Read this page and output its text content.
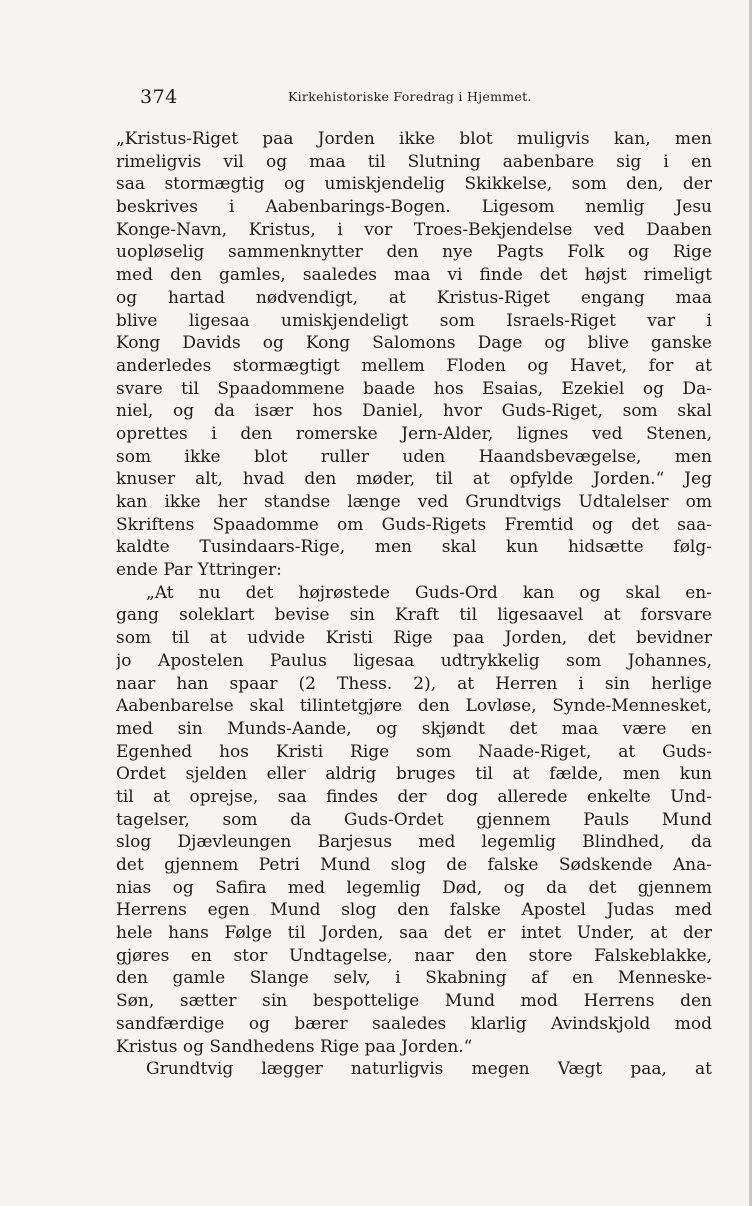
374	Kirkehistoriske Foredrag i Hjemmet.
„Kristus-Riget paa Jorden ikke blot muligvis kan, men
rimeligvis vil og maa til Slutning aabenbare sig i en
saa stormægtig og umiskjendelig Skikkelse, som den, der
beskrives i Aabenbarings-Bogen. Ligesom nemlig Jesu
Konge-Navn, Kristus, i vor Troes-Bekjendelse ved Daaben
uopløselig sammenknytter den nye Pagts Folk og Rige
med den gamles, saaledes maa vi finde det højst rimeligt
og hartad nødvendigt, at Kristus-Riget engang maa
blive ligesaa umiskjendeligt som Israels-Riget var i
Kong Davids og Kong Salomons Dage og blive ganske
anderledes stormægtigt mellem Floden og Havet, for at
svare til Spaadommene baade hos Esaias, Ezekiel og Da-
niel, og da især hos Daniel, hvor Guds-Riget, som skal
oprettes i den romerske Jern-Alder, lignes ved Stenen,
som ikke blot ruller uden Haandsbevægelse, men
knuser alt, hvad den møder, til at opfylde Jorden.“ Jeg
kan ikke her standse længe ved Grundtvigs Udtalelser om
Skriftens Spaadomme om Guds-Rigets Fremtid og det saa-
kaldte Tusindaars-Rige, men skal kun hidsætte følg-
ende Par Yttringer:
„At nu det højrøstede Guds-Ord kan og skal en-
gang soleklart bevise sin Kraft til ligesaavel at forsvare
som til at udvide Kristi Rige paa Jorden, det bevidner
jo Apostelen Paulus ligesaa udtrykkelig som Johannes,
naar han spaar (2 Thess. 2), at Herren i sin herlige
Aabenbarelse skal tilintetgjøre den Lovløse, Synde-Mennesket,
med sin Munds-Aande, og skjøndt det maa være en
Egenhed hos Kristi Rige som Naade-Riget, at Guds-
Ordet sjelden eller aldrig bruges til at fælde, men kun
til at oprejse, saa findes der dog allerede enkelte Und-
tagelser, som da Guds-Ordet gjennem Pauls Mund
slog Djævleungen Barjesus med legemlig Blindhed, da
det gjennem Petri Mund slog de falske Sødskende Ana-
nias og Safira med legemlig Død, og da det gjennem
Herrens egen Mund slog den falske Apostel Judas med
hele hans Følge til Jorden, saa det er intet Under, at der
gjøres en stor Undtagelse, naar den store Falskeblakke,
den gamle Slange selv, i Skabning af en Menneske-
Søn, sætter sin bespottelige Mund mod Herrens den
sandfærdige og bærer saaledes klarlig Avindskjold mod
Kristus og Sandhedens Rige paa Jorden.“
Grundtvig lægger naturligvis megen Vægt paa, at
